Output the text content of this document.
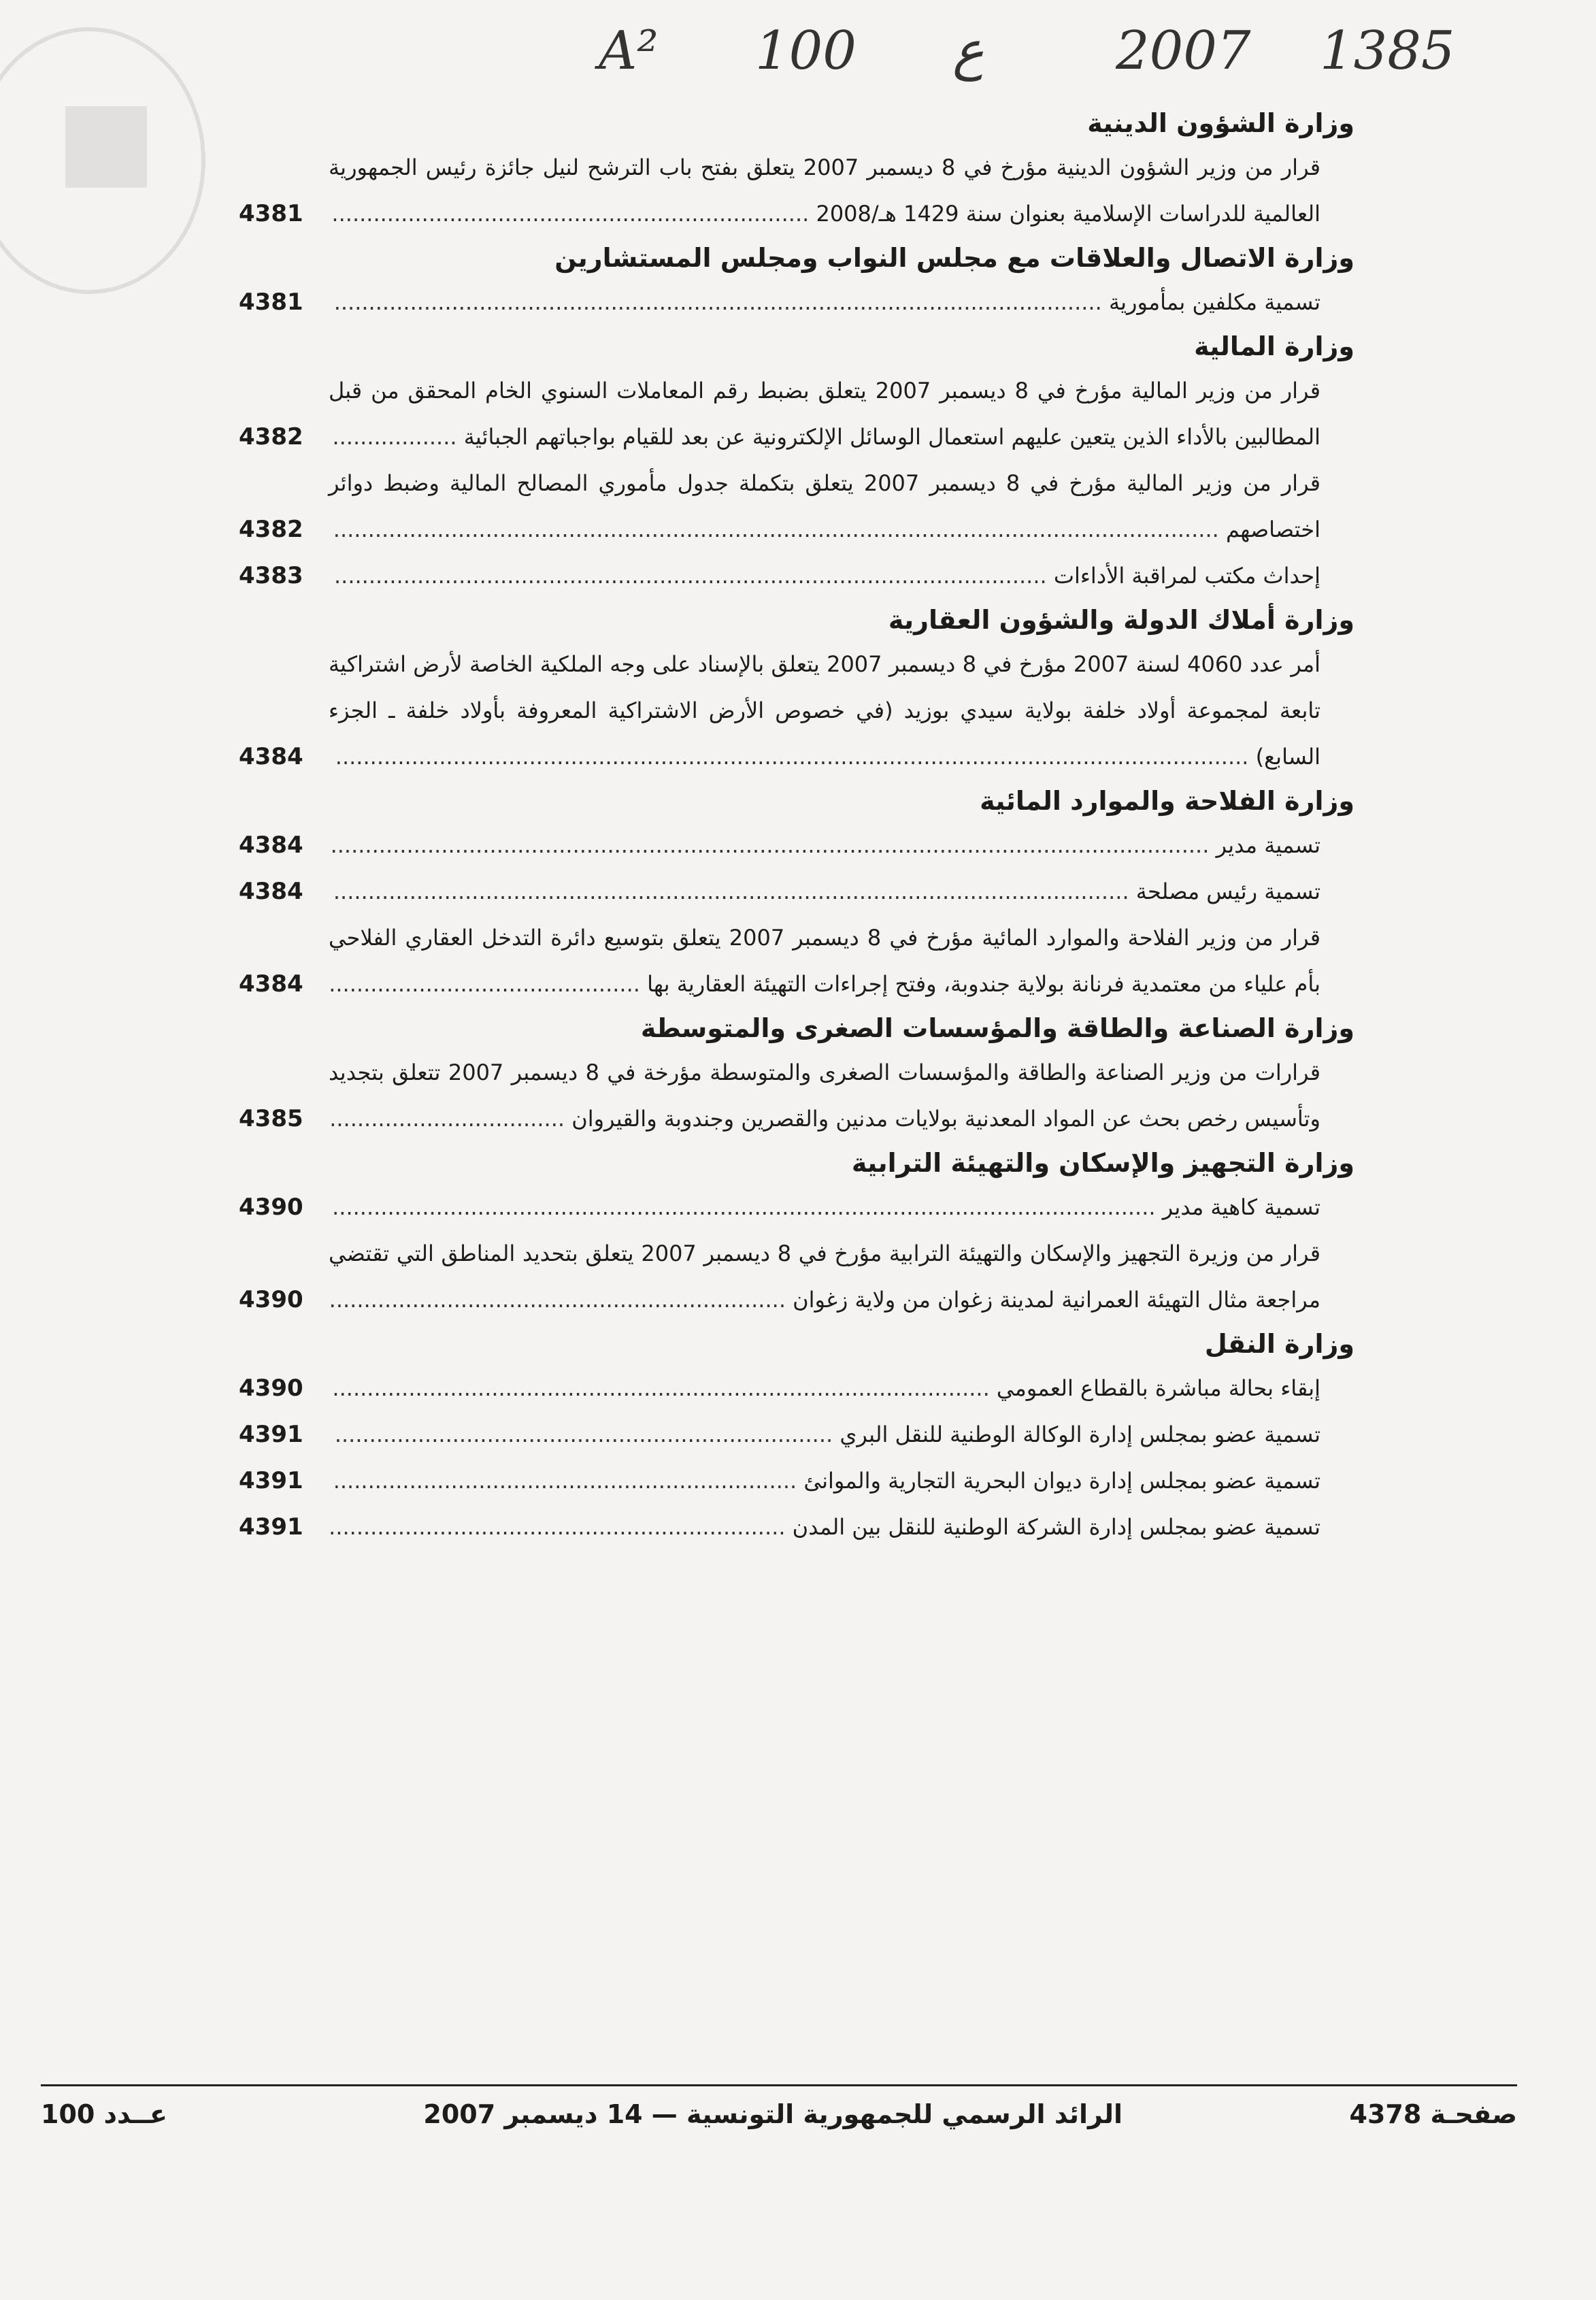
A² 100 ع 2007 1385
وزارة الشؤون الدينية
قرار من وزير الشؤون الدينية مؤرخ في 8 ديسمبر 2007 يتعلق بفتح باب الترشح لنيل جائزة رئيس الجمهورية العالمية للدراسات الإسلامية بعنوان سنة 1429 هـ/2008 .....................................................................
4381
وزارة الاتصال والعلاقات مع مجلس النواب ومجلس المستشارين
تسمية مكلفين بمأمورية ...............................................................................................................
4381
وزارة المالية
قرار من وزير المالية مؤرخ في 8 ديسمبر 2007 يتعلق بضبط رقم المعاملات السنوي الخام المحقق من قبل المطالبين بالأداء الذين يتعين عليهم استعمال الوسائل الإلكترونية عن بعد للقيام بواجباتهم الجبائية ..................
4382
قرار من وزير المالية مؤرخ في 8 ديسمبر 2007 يتعلق بتكملة جدول مأموري المصالح المالية وضبط دوائر اختصاصهم ................................................................................................................................
4382
إحداث مكتب لمراقبة الأداءات .......................................................................................................
4383
وزارة أملاك الدولة والشؤون العقارية
أمر عدد 4060 لسنة 2007 مؤرخ في 8 ديسمبر 2007 يتعلق بالإسناد على وجه الملكية الخاصة لأرض اشتراكية تابعة لمجموعة أولاد خلفة بولاية سيدي بوزيد (في خصوص الأرض الاشتراكية المعروفة بأولاد خلفة ـ الجزء السابع) ....................................................................................................................................
4384
وزارة الفلاحة والموارد المائية
تسمية مدير ...............................................................................................................................
4384
تسمية رئيس مصلحة ...................................................................................................................
4384
قرار من وزير الفلاحة والموارد المائية مؤرخ في 8 ديسمبر 2007 يتعلق بتوسيع دائرة التدخل العقاري الفلاحي بأم علياء من معتمدية فرنانة بولاية جندوبة، وفتح إجراءات التهيئة العقارية بها .............................................
4384
وزارة الصناعة والطاقة والمؤسسات الصغرى والمتوسطة
قرارات من وزير الصناعة والطاقة والمؤسسات الصغرى والمتوسطة مؤرخة في 8 ديسمبر 2007 تتعلق بتجديد وتأسيس رخص بحث عن المواد المعدنية بولايات مدنين والقصرين وجندوبة والقيروان ..................................
4385
وزارة التجهيز والإسكان والتهيئة الترابية
تسمية كاهية مدير .......................................................................................................................
4390
قرار من وزيرة التجهيز والإسكان والتهيئة الترابية مؤرخ في 8 ديسمبر 2007 يتعلق بتحديد المناطق التي تقتضي مراجعة مثال التهيئة العمرانية لمدينة زغوان من ولاية زغوان ..................................................................
4390
وزارة النقل
إبقاء بحالة مباشرة بالقطاع العمومي ...............................................................................................
4390
تسمية عضو بمجلس إدارة الوكالة الوطنية للنقل البري ........................................................................
4391
تسمية عضو بمجلس إدارة ديوان البحرية التجارية والموانئ ...................................................................
4391
تسمية عضو بمجلس إدارة الشركة الوطنية للنقل بين المدن ..................................................................
4391
صفحـة 4378
الرائد الرسمي للجمهورية التونسية — 14 ديسمبر 2007
عــدد 100
